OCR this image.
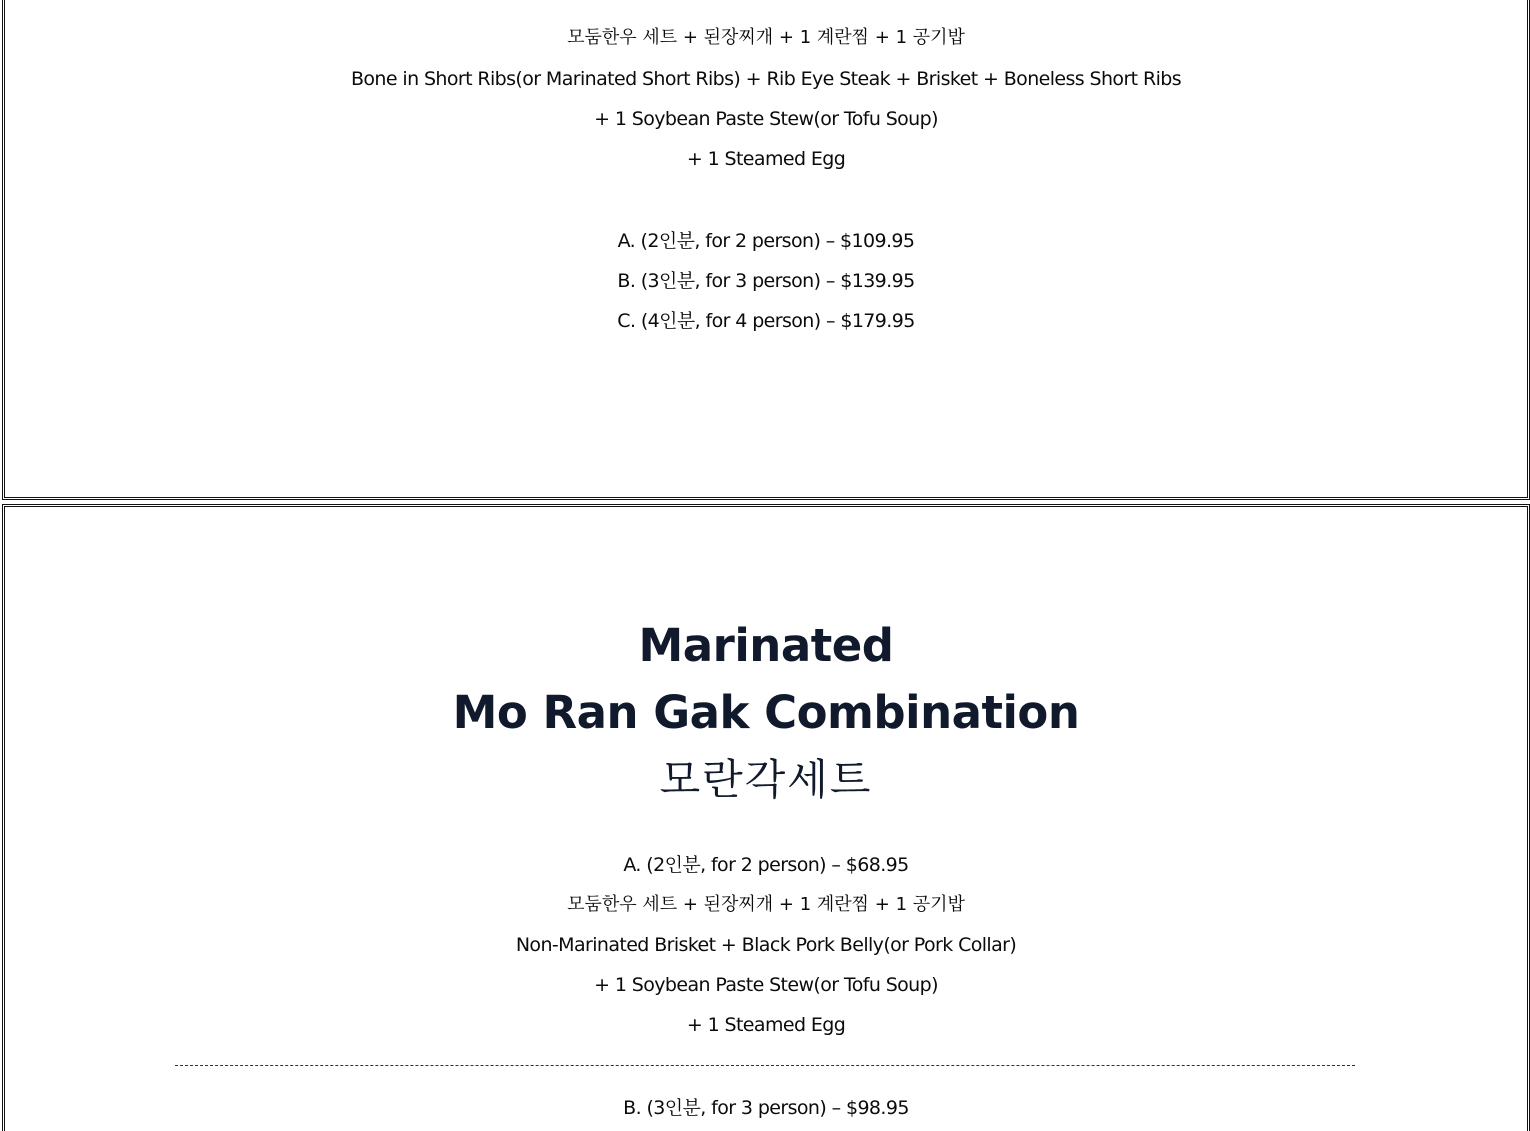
모둠한우 세트 + 된장찌개 + 1 계란찜 + 1 공기밥
Bone in Short Ribs(or Marinated Short Ribs) + Rib Eye Steak + Brisket + Boneless Short Ribs
+ 1 Soybean Paste Stew(or Tofu Soup)
+ 1 Steamed Egg
A. (2인분, for 2 person) – $109.95
B. (3인분, for 3 person) – $139.95
C. (4인분, for 4 person) – $179.95
Marinated
Mo Ran Gak Combination
모란각세트
A. (2인분, for 2 person) – $68.95
모둠한우 세트 + 된장찌개 + 1 계란찜 + 1 공기밥
Non-Marinated Brisket + Black Pork Belly(or Pork Collar)
+ 1 Soybean Paste Stew(or Tofu Soup)
+ 1 Steamed Egg
B. (3인분, for 3 person) – $98.95
